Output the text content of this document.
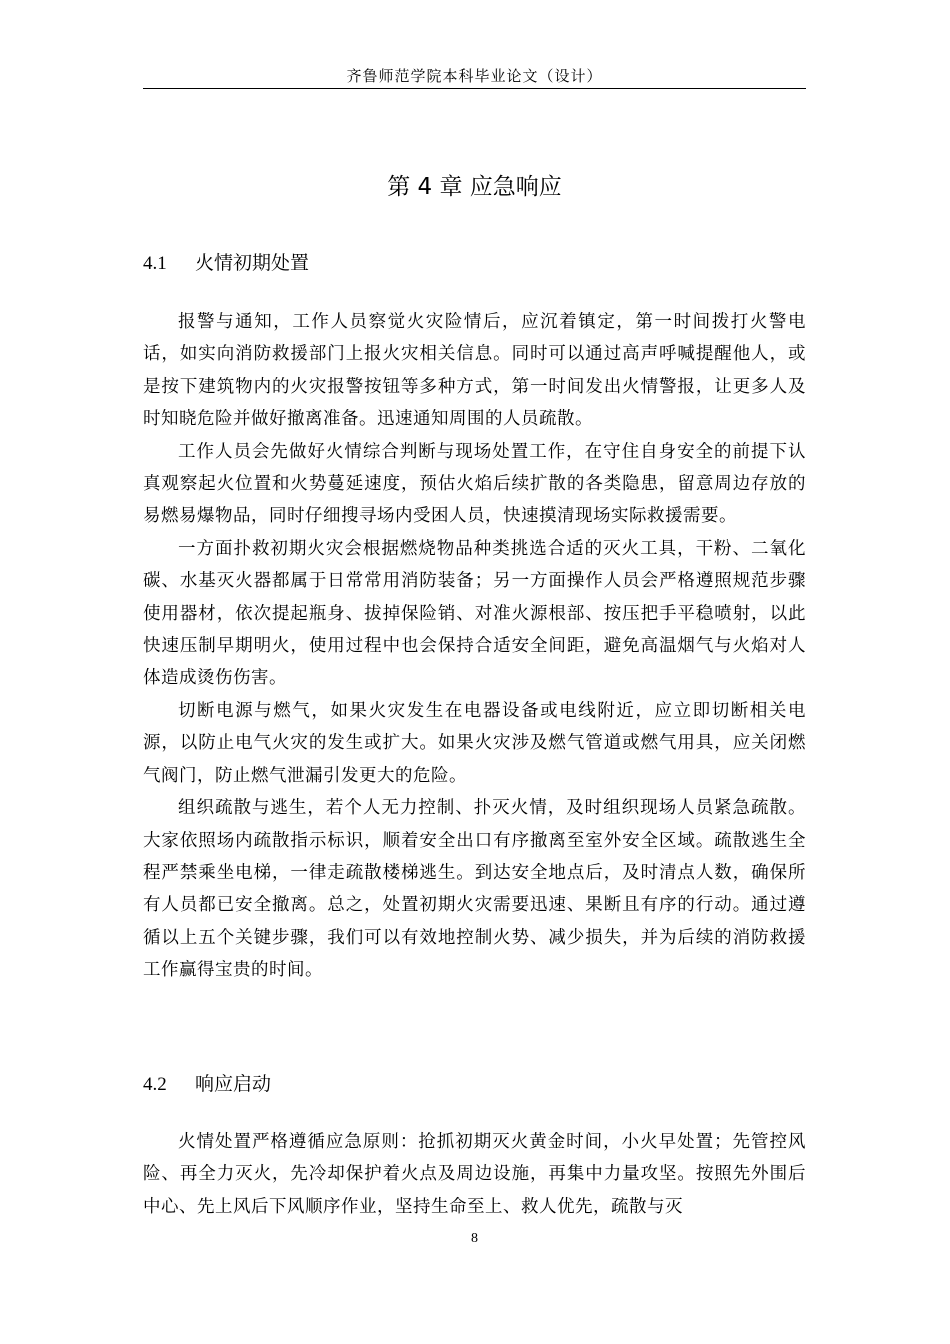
齐鲁师范学院本科毕业论文（设计）
第 4 章 应急响应
4.1 火情初期处置

报警与通知，工作人员察觉火灾险情后，应沉着镇定，第一时间拨打火警电话，如实向消防救援部门上报火灾相关信息。同时可以通过高声呼喊提醒他人，或是按下建筑物内的火灾报警按钮等多种方式，第一时间发出火情警报，让更多人及时知晓危险并做好撤离准备。迅速通知周围的人员疏散。

工作人员会先做好火情综合判断与现场处置工作，在守住自身安全的前提下认真观察起火位置和火势蔓延速度，预估火焰后续扩散的各类隐患，留意周边存放的易燃易爆物品，同时仔细搜寻场内受困人员，快速摸清现场实际救援需要。

一方面扑救初期火灾会根据燃烧物品种类挑选合适的灭火工具，干粉、二氧化碳、水基灭火器都属于日常常用消防装备；另一方面操作人员会严格遵照规范步骤使用器材，依次提起瓶身、拔掉保险销、对准火源根部、按压把手平稳喷射，以此快速压制早期明火，使用过程中也会保持合适安全间距，避免高温烟气与火焰对人体造成烫伤伤害。

切断电源与燃气，如果火灾发生在电器设备或电线附近，应立即切断相关电源，以防止电气火灾的发生或扩大。如果火灾涉及燃气管道或燃气用具，应关闭燃气阀门，防止燃气泄漏引发更大的危险。

组织疏散与逃生，若个人无力控制、扑灭火情，及时组织现场人员紧急疏散。大家依照场内疏散指示标识，顺着安全出口有序撤离至室外安全区域。疏散逃生全程严禁乘坐电梯，一律走疏散楼梯逃生。到达安全地点后，及时清点人数，确保所有人员都已安全撤离。总之，处置初期火灾需要迅速、果断且有序的行动。通过遵循以上五个关键步骤，我们可以有效地控制火势、减少损失，并为后续的消防救援工作赢得宝贵的时间。

4.2 响应启动

火情处置严格遵循应急原则：抢抓初期灭火黄金时间，小火早处置；先管控风险、再全力灭火，先冷却保护着火点及周边设施，再集中力量攻坚。按照先外围后中心、先上风后下风顺序作业，坚持生命至上、救人优先，疏散与灭

8
